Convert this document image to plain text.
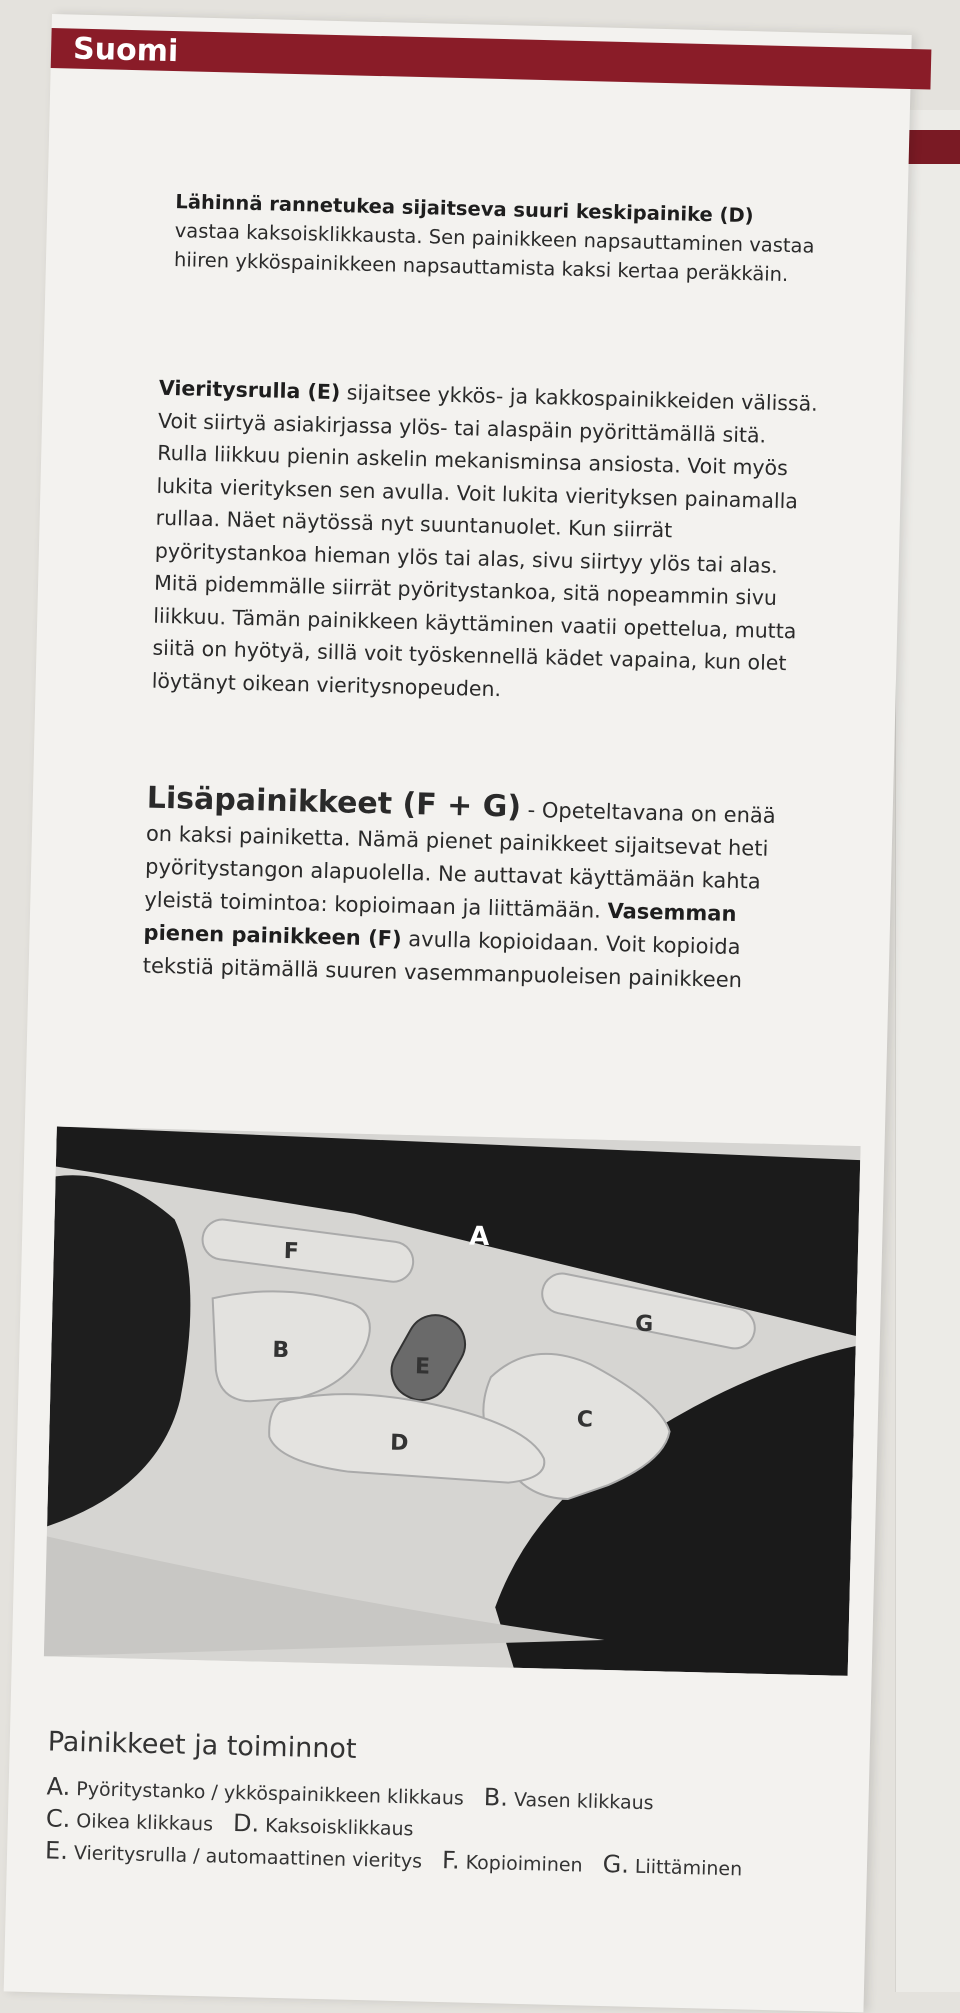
Suomi
Lähinnä rannetukea sijaitseva suuri keskipainike (D) vastaa kaksoisklikkausta. Sen painikkeen napsauttaminen vastaa hiiren ykköspainikkeen napsauttamista kaksi kertaa peräkkäin.
Vieritysrulla (E) sijaitsee ykkös- ja kakkospainikkeiden välissä. Voit siirtyä asiakirjassa ylös- tai alaspäin pyörittämällä sitä. Rulla liikkuu pienin askelin mekanisminsa ansiosta. Voit myös lukita vierityksen sen avulla. Voit lukita vierityksen painamalla rullaa. Näet näytössä nyt suuntanuolet. Kun siirrät pyöritystankoa hieman ylös tai alas, sivu siirtyy ylös tai alas. Mitä pidemmälle siirrät pyöritystankoa, sitä nopeammin sivu liikkuu. Tämän painikkeen käyttäminen vaatii opettelua, mutta siitä on hyötyä, sillä voit työskennellä kädet vapaina, kun olet löytänyt oikean vieritysnopeuden.
Lisäpainikkeet (F + G) - Opeteltavana on enää on kaksi painiketta. Nämä pienet painikkeet sijaitsevat heti pyöritystangon alapuolella. Ne auttavat käyttämään kahta yleistä toimintoa: kopioimaan ja liittämään. Vasemman pienen painikkeen (F) avulla kopioidaan. Voit kopioida tekstiä pitämällä suuren vasemmanpuoleisen painikkeen
A
F
G
B
E
C
D
Painikkeet ja toiminnot
A. Pyöritystanko / ykköspainikkeen klikkaus B. Vasen klikkaus
C. Oikea klikkaus D. Kaksoisklikkaus
E. Vieritysrulla / automaattinen vieritys F. Kopioiminen G. Liittäminen
